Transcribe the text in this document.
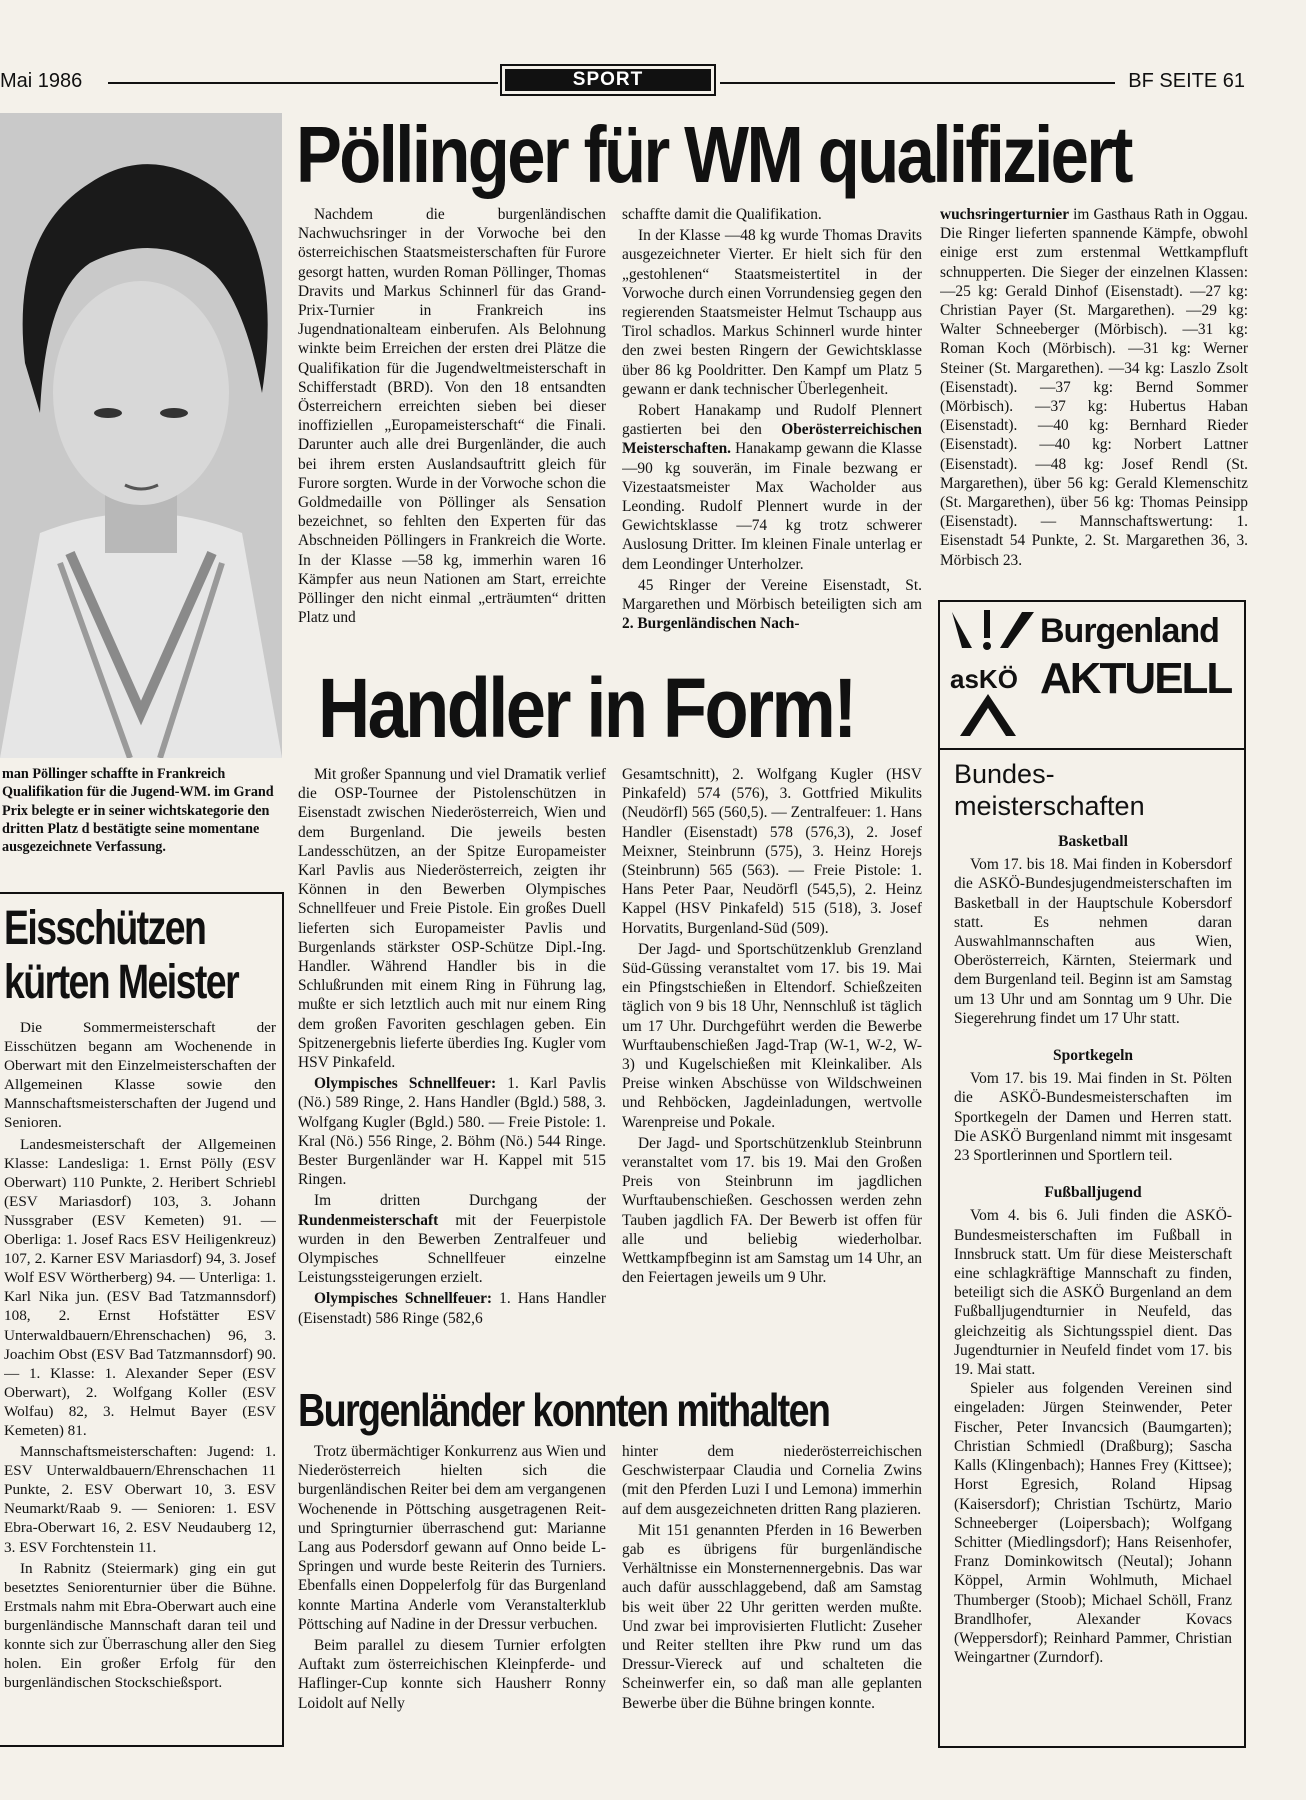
Mai 1986	SPORT	BF SEITE 61
man Pöllinger schaffte in Frankreich Qualifikation für die Jugend-WM. im Grand Prix belegte er in seiner wichtskategorie den dritten Platz d bestätigte seine momentane ausgezeichnete Verfassung.
Pöllinger für WM qualifiziert

Nachdem die burgenländischen Nachwuchsringer in der Vorwoche bei den österreichischen Staatsmeisterschaften für Furore gesorgt hatten, wurden Roman Pöllinger, Thomas Dravits und Markus Schinnerl für das Grand-Prix-Turnier in Frankreich ins Jugendnationalteam einberufen. Als Belohnung winkte beim Erreichen der ersten drei Plätze die Qualifikation für die Jugendweltmeisterschaft in Schifferstadt (BRD). Von den 18 entsandten Österreichern erreichten sieben bei dieser inoffiziellen „Europameisterschaft“ die Finali. Darunter auch alle drei Burgenländer, die auch bei ihrem ersten Auslandsauftritt gleich für Furore sorgten. Wurde in der Vorwoche schon die Goldmedaille von Pöllinger als Sensation bezeichnet, so fehlten den Experten für das Abschneiden Pöllingers in Frankreich die Worte. In der Klasse —58 kg, immerhin waren 16 Kämpfer aus neun Nationen am Start, erreichte Pöllinger den nicht einmal „erträumten“ dritten Platz und

schaffte damit die Qualifikation.

In der Klasse —48 kg wurde Thomas Dravits ausgezeichneter Vierter. Er hielt sich für den „gestohlenen“ Staatsmeistertitel in der Vorwoche durch einen Vorrundensieg gegen den regierenden Staatsmeister Helmut Tschaupp aus Tirol schadlos. Markus Schinnerl wurde hinter den zwei besten Ringern der Gewichtsklasse über 86 kg Pooldritter. Den Kampf um Platz 5 gewann er dank technischer Überlegenheit.

Robert Hanakamp und Rudolf Plennert gastierten bei den Oberösterreichischen Meisterschaften. Hanakamp gewann die Klasse —90 kg souverän, im Finale bezwang er Vizestaatsmeister Max Wacholder aus Leonding. Rudolf Plennert wurde in der Gewichtsklasse —74 kg trotz schwerer Auslosung Dritter. Im kleinen Finale unterlag er dem Leondinger Unterholzer.

45 Ringer der Vereine Eisenstadt, St. Margarethen und Mörbisch beteiligten sich am 2. Burgenländischen Nach-

wuchsringerturnier im Gasthaus Rath in Oggau. Die Ringer lieferten spannende Kämpfe, obwohl einige erst zum erstenmal Wettkampfluft schnupperten. Die Sieger der einzelnen Klassen: —25 kg: Gerald Dinhof (Eisenstadt). —27 kg: Christian Payer (St. Margarethen). —29 kg: Walter Schneeberger (Mörbisch). —31 kg: Roman Koch (Mörbisch). —31 kg: Werner Steiner (St. Margarethen). —34 kg: Laszlo Zsolt (Eisenstadt). —37 kg: Bernd Sommer (Mörbisch). —37 kg: Hubertus Haban (Eisenstadt). —40 kg: Bernhard Rieder (Eisenstadt). —40 kg: Norbert Lattner (Eisenstadt). —48 kg: Josef Rendl (St. Margarethen), über 56 kg: Gerald Klemenschitz (St. Margarethen), über 56 kg: Thomas Peinsipp (Eisenstadt). — Mannschaftswertung: 1. Eisenstadt 54 Punkte, 2. St. Margarethen 36, 3. Mörbisch 23.

Handler in Form!

Mit großer Spannung und viel Dramatik verlief die OSP-Tournee der Pistolenschützen in Eisenstadt zwischen Niederösterreich, Wien und dem Burgenland. Die jeweils besten Landesschützen, an der Spitze Europameister Karl Pavlis aus Niederösterreich, zeigten ihr Können in den Bewerben Olympisches Schnellfeuer und Freie Pistole. Ein großes Duell lieferten sich Europameister Pavlis und Burgenlands stärkster OSP-Schütze Dipl.-Ing. Handler. Während Handler bis in die Schlußrunden mit einem Ring in Führung lag, mußte er sich letztlich auch mit nur einem Ring dem großen Favoriten geschlagen geben. Ein Spitzenergebnis lieferte überdies Ing. Kugler vom HSV Pinkafeld.

Olympisches Schnellfeuer: 1. Karl Pavlis (Nö.) 589 Ringe, 2. Hans Handler (Bgld.) 588, 3. Wolfgang Kugler (Bgld.) 580. — Freie Pistole: 1. Kral (Nö.) 556 Ringe, 2. Böhm (Nö.) 544 Ringe. Bester Burgenländer war H. Kappel mit 515 Ringen.

Im dritten Durchgang der Rundenmeisterschaft mit der Feuerpistole wurden in den Bewerben Zentralfeuer und Olympisches Schnellfeuer einzelne Leistungssteigerungen erzielt.

Olympisches Schnellfeuer: 1. Hans Handler (Eisenstadt) 586 Ringe (582,6

Gesamtschnitt), 2. Wolfgang Kugler (HSV Pinkafeld) 574 (576), 3. Gottfried Mikulits (Neudörfl) 565 (560,5). — Zentralfeuer: 1. Hans Handler (Eisenstadt) 578 (576,3), 2. Josef Meixner, Steinbrunn (575), 3. Heinz Horejs (Steinbrunn) 565 (563). — Freie Pistole: 1. Hans Peter Paar, Neudörfl (545,5), 2. Heinz Kappel (HSV Pinkafeld) 515 (518), 3. Josef Horvatits, Burgenland-Süd (509).

Der Jagd- und Sportschützenklub Grenzland Süd-Güssing veranstaltet vom 17. bis 19. Mai ein Pfingstschießen in Eltendorf. Schießzeiten täglich von 9 bis 18 Uhr, Nennschluß ist täglich um 17 Uhr. Durchgeführt werden die Bewerbe Wurftaubenschießen Jagd-Trap (W-1, W-2, W-3) und Kugelschießen mit Kleinkaliber. Als Preise winken Abschüsse von Wildschweinen und Rehböcken, Jagdeinladungen, wertvolle Warenpreise und Pokale.

Der Jagd- und Sportschützenklub Steinbrunn veranstaltet vom 17. bis 19. Mai den Großen Preis von Steinbrunn im jagdlichen Wurftaubenschießen. Geschossen werden zehn Tauben jagdlich FA. Der Bewerb ist offen für alle und beliebig wiederholbar. Wettkampfbeginn ist am Samstag um 14 Uhr, an den Feiertagen jeweils um 9 Uhr.

Burgenländer konnten mithalten

Trotz übermächtiger Konkurrenz aus Wien und Niederösterreich hielten sich die burgenländischen Reiter bei dem am vergangenen Wochenende in Pöttsching ausgetragenen Reit- und Springturnier überraschend gut: Marianne Lang aus Podersdorf gewann auf Onno beide L-Springen und wurde beste Reiterin des Turniers. Ebenfalls einen Doppelerfolg für das Burgenland konnte Martina Anderle vom Veranstalterklub Pöttsching auf Nadine in der Dressur verbuchen.

Beim parallel zu diesem Turnier erfolgten Auftakt zum österreichischen Kleinpferde- und Haflinger-Cup konnte sich Hausherr Ronny Loidolt auf Nelly

hinter dem niederösterreichischen Geschwisterpaar Claudia und Cornelia Zwins (mit den Pferden Luzi I und Lemona) immerhin auf dem ausgezeichneten dritten Rang plazieren.

Mit 151 genannten Pferden in 16 Bewerben gab es übrigens für burgenländische Verhältnisse ein Monsternennergebnis. Das war auch dafür ausschlaggebend, daß am Samstag bis weit über 22 Uhr geritten werden mußte. Und zwar bei improvisierten Flutlicht: Zuseher und Reiter stellten ihre Pkw rund um das Dressur-Viereck auf und schalteten die Scheinwerfer ein, so daß man alle geplanten Bewerbe über die Bühne bringen konnte.

Eisschützen
kürten Meister

Die Sommermeisterschaft der Eisschützen begann am Wochenende in Oberwart mit den Einzelmeisterschaften der Allgemeinen Klasse sowie den Mannschaftsmeisterschaften der Jugend und Senioren.

Landesmeisterschaft der Allgemeinen Klasse: Landesliga: 1. Ernst Pölly (ESV Oberwart) 110 Punkte, 2. Heribert Schriebl (ESV Mariasdorf) 103, 3. Johann Nussgraber (ESV Kemeten) 91. — Oberliga: 1. Josef Racs ESV Heiligenkreuz) 107, 2. Karner ESV Mariasdorf) 94, 3. Josef Wolf ESV Wörtherberg) 94. — Unterliga: 1. Karl Nika jun. (ESV Bad Tatzmannsdorf) 108, 2. Ernst Hofstätter ESV Unterwaldbauern/Ehrenschachen) 96, 3. Joachim Obst (ESV Bad Tatzmannsdorf) 90. — 1. Klasse: 1. Alexander Seper (ESV Oberwart), 2. Wolfgang Koller (ESV Wolfau) 82, 3. Helmut Bayer (ESV Kemeten) 81.

Mannschaftsmeisterschaften: Jugend: 1. ESV Unterwaldbauern/Ehrenschachen 11 Punkte, 2. ESV Oberwart 10, 3. ESV Neumarkt/Raab 9. — Senioren: 1. ESV Ebra-Oberwart 16, 2. ESV Neudauberg 12, 3. ESV Forchtenstein 11.

In Rabnitz (Steiermark) ging ein gut besetztes Seniorenturnier über die Bühne. Erstmals nahm mit Ebra-Oberwart auch eine burgenländische Mannschaft daran teil und konnte sich zur Überraschung aller den Sieg holen. Ein großer Erfolg für den burgenländischen Stockschießsport.

asKÖ
Burgenland
AKTUELL
Bundes-meisterschaften
Basketball

Vom 17. bis 18. Mai finden in Kobersdorf die ASKÖ-Bundesjugendmeisterschaften im Basketball in der Hauptschule Kobersdorf statt. Es nehmen daran Auswahlmannschaften aus Wien, Oberösterreich, Kärnten, Steiermark und dem Burgenland teil. Beginn ist am Samstag um 13 Uhr und am Sonntag um 9 Uhr. Die Siegerehrung findet um 17 Uhr statt.

Sportkegeln

Vom 17. bis 19. Mai finden in St. Pölten die ASKÖ-Bundesmeisterschaften im Sportkegeln der Damen und Herren statt. Die ASKÖ Burgenland nimmt mit insgesamt 23 Sportlerinnen und Sportlern teil.

Fußballjugend

Vom 4. bis 6. Juli finden die ASKÖ-Bundesmeisterschaften im Fußball in Innsbruck statt. Um für diese Meisterschaft eine schlagkräftige Mannschaft zu finden, beteiligt sich die ASKÖ Burgenland an dem Fußballjugendturnier in Neufeld, das gleichzeitig als Sichtungsspiel dient. Das Jugendturnier in Neufeld findet vom 17. bis 19. Mai statt.

Spieler aus folgenden Vereinen sind eingeladen: Jürgen Steinwender, Peter Fischer, Peter Invancsich (Baumgarten); Christian Schmiedl (Draßburg); Sascha Kalls (Klingenbach); Hannes Frey (Kittsee); Horst Egresich, Roland Hipsag (Kaisersdorf); Christian Tschürtz, Mario Schneeberger (Loipersbach); Wolfgang Schitter (Miedlingsdorf); Hans Reisenhofer, Franz Dominkowitsch (Neutal); Johann Köppel, Armin Wohlmuth, Michael Thumberger (Stoob); Michael Schöll, Franz Brandlhofer, Alexander Kovacs (Weppersdorf); Reinhard Pammer, Christian Weingartner (Zurndorf).
